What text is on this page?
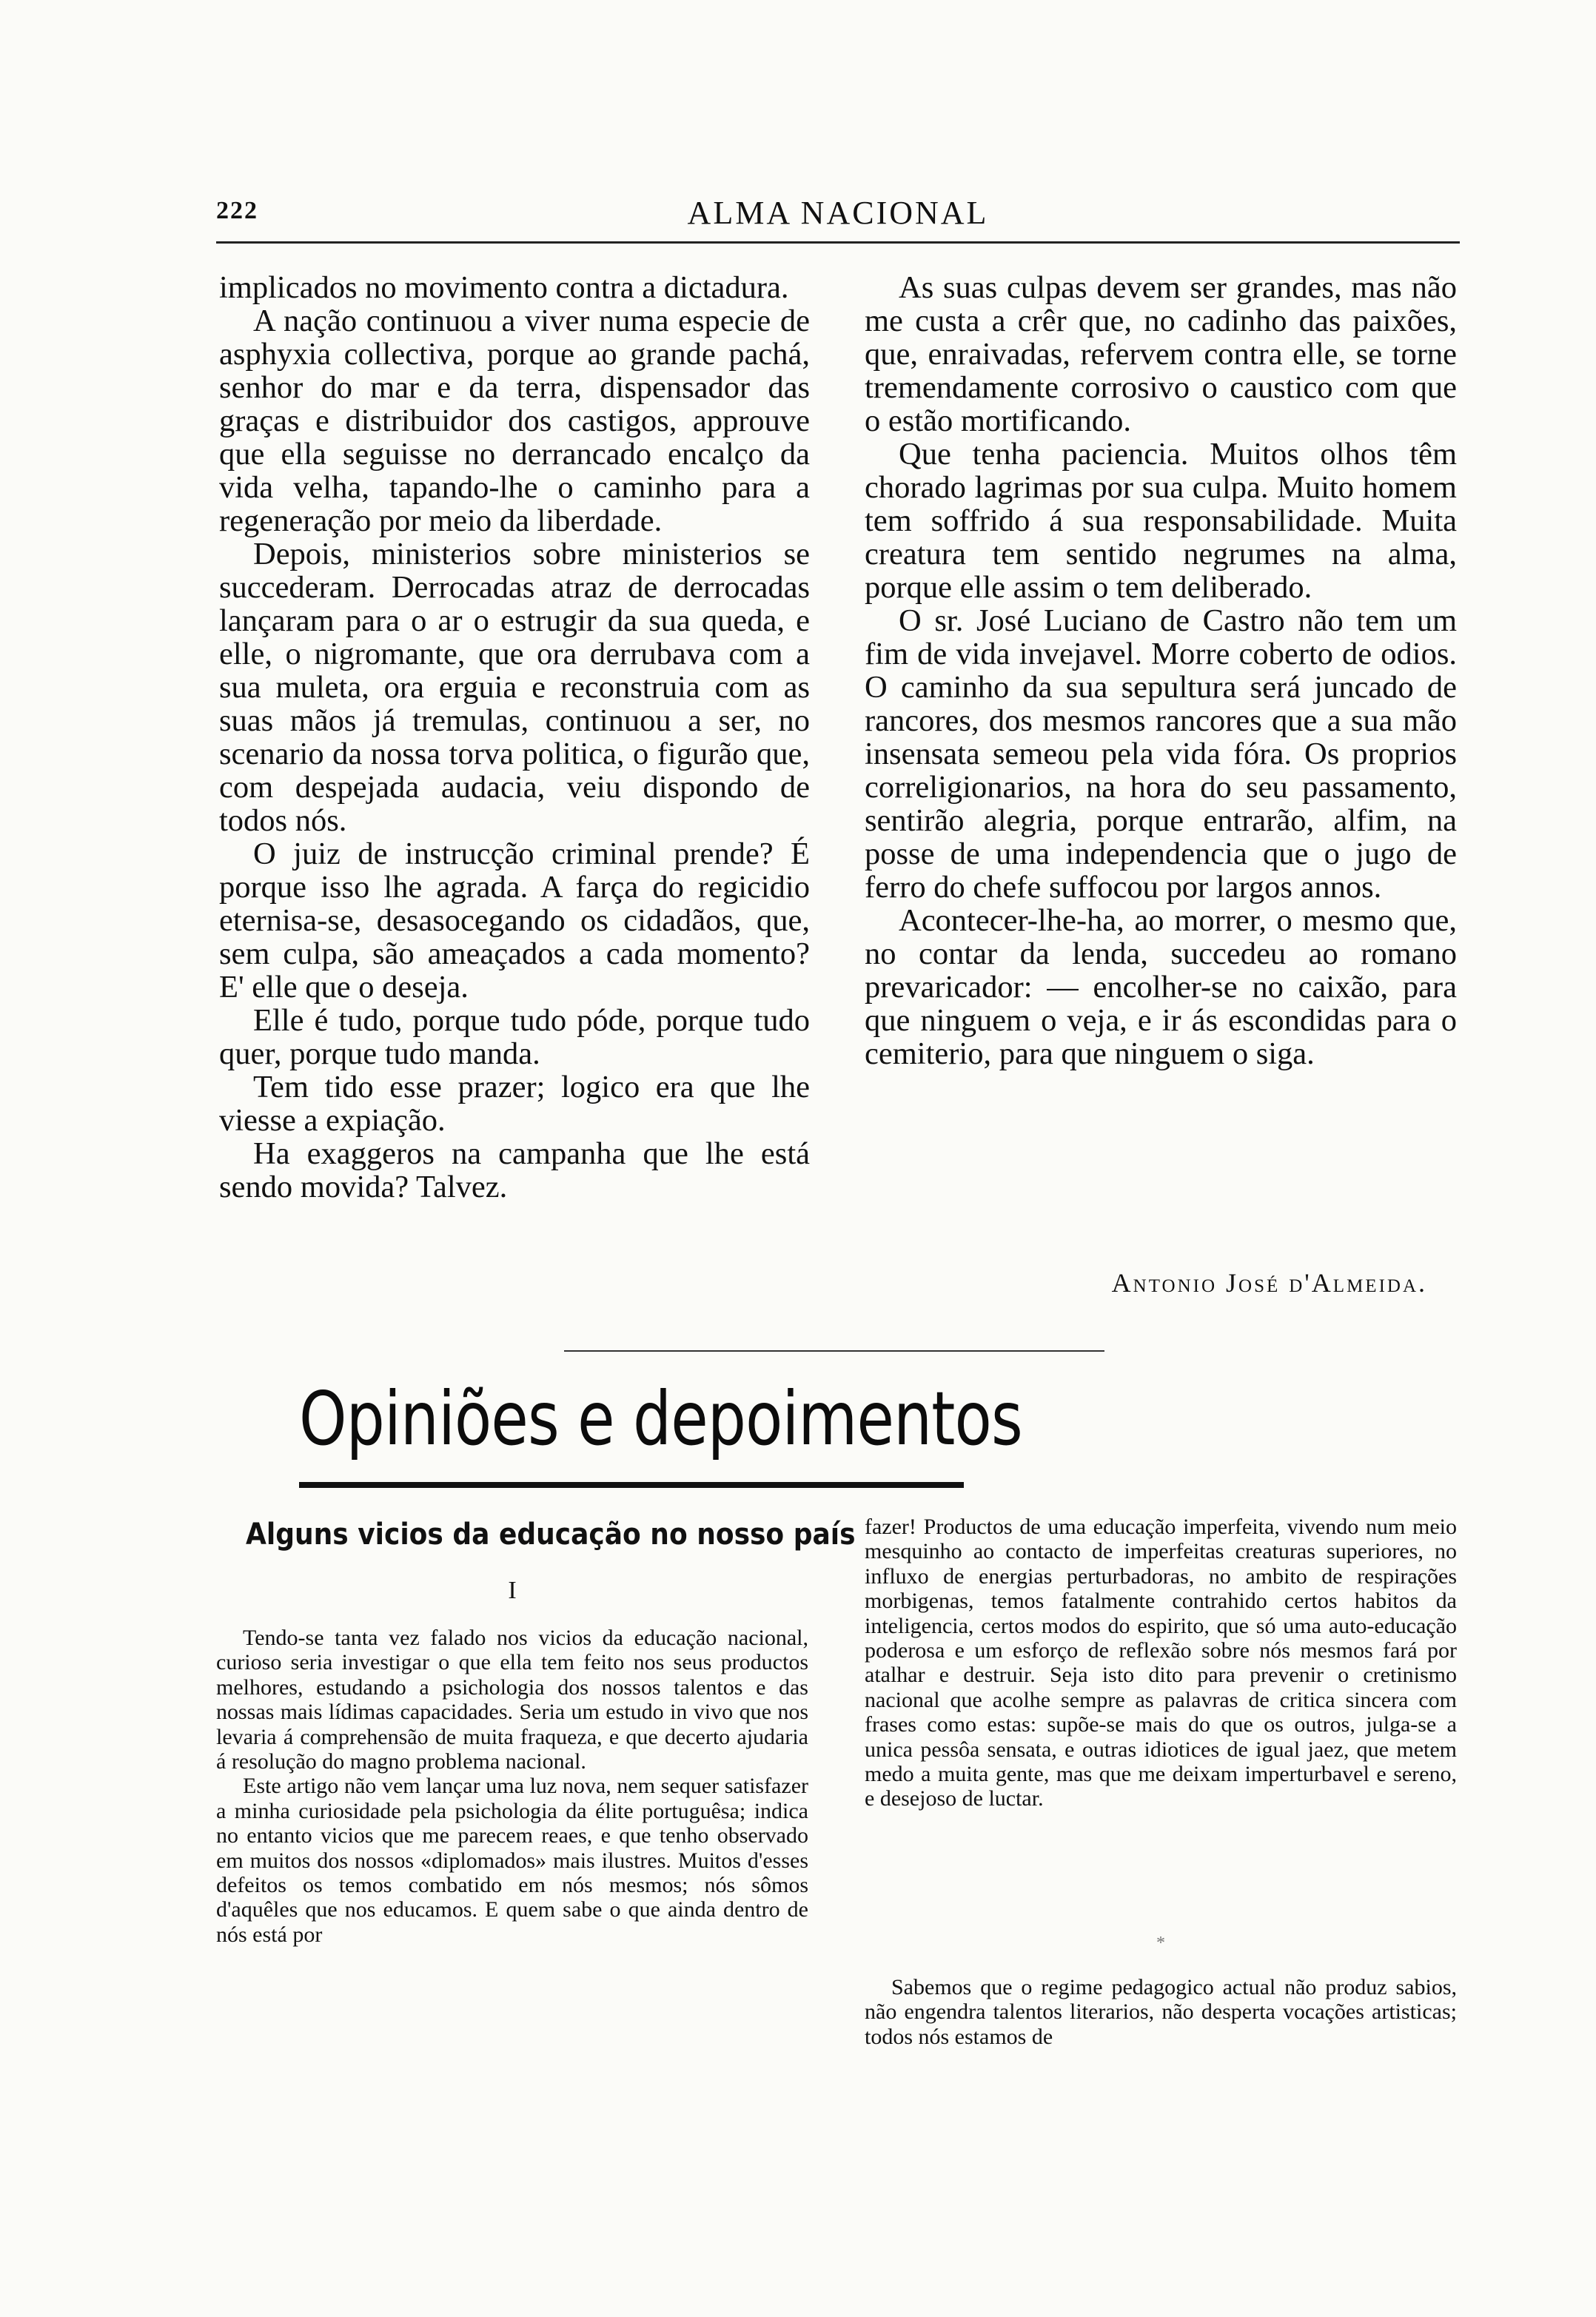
222	ALMA NACIONAL

implicados no movimento contra a dictadura.

A nação continuou a viver numa especie de asphyxia collectiva, porque ao grande pachá, senhor do mar e da terra, dispensador das graças e distribuidor dos castigos, approuve que ella seguisse no derrancado encalço da vida velha, tapando-lhe o caminho para a regeneração por meio da liberdade.

Depois, ministerios sobre ministerios se succederam. Derrocadas atraz de derrocadas lançaram para o ar o estrugir da sua queda, e elle, o nigromante, que ora derrubava com a sua muleta, ora erguia e reconstruia com as suas mãos já tremulas, continuou a ser, no scenario da nossa torva politica, o figurão que, com despejada audacia, veiu dispondo de todos nós.

O juiz de instrucção criminal prende? É porque isso lhe agrada. A farça do regicidio eternisa-se, desasocegando os cidadãos, que, sem culpa, são ameaçados a cada momento? E' elle que o deseja.

Elle é tudo, porque tudo póde, porque tudo quer, porque tudo manda.

Tem tido esse prazer; logico era que lhe viesse a expiação.

Ha exaggeros na campanha que lhe está sendo movida? Talvez.

As suas culpas devem ser grandes, mas não me custa a crêr que, no cadinho das paixões, que, enraivadas, refervem contra elle, se torne tremendamente corrosivo o caustico com que o estão mortificando.

Que tenha paciencia. Muitos olhos têm chorado lagrimas por sua culpa. Muito homem tem soffrido á sua responsabilidade. Muita creatura tem sentido negrumes na alma, porque elle assim o tem deliberado.

O sr. José Luciano de Castro não tem um fim de vida invejavel. Morre coberto de odios. O caminho da sua sepultura será juncado de rancores, dos mesmos rancores que a sua mão insensata semeou pela vida fóra. Os proprios correligionarios, na hora do seu passamento, sentirão alegria, porque entrarão, alfim, na posse de uma independencia que o jugo de ferro do chefe suffocou por largos annos.

Acontecer-lhe-ha, ao morrer, o mesmo que, no contar da lenda, succedeu ao romano prevaricador: — encolher-se no caixão, para que ninguem o veja, e ir ás escondidas para o cemiterio, para que ninguem o siga.

Antonio José d'Almeida.
Opiniões e depoimentos
Alguns vicios da educação no nosso país
I

Tendo-se tanta vez falado nos vicios da educação nacional, curioso seria investigar o que ella tem feito nos seus productos melhores, estudando a psichologia dos nossos talentos e das nossas mais lídimas capacidades. Seria um estudo in vivo que nos levaria á comprehensão de muita fraqueza, e que decerto ajudaria á resolução do magno problema nacional.

Este artigo não vem lançar uma luz nova, nem sequer satisfazer a minha curiosidade pela psichologia da élite portuguêsa; indica no entanto vicios que me parecem reaes, e que tenho observado em muitos dos nossos «diplomados» mais ilustres. Muitos d'esses defeitos os temos combatido em nós mesmos; nós sômos d'aquêles que nos educamos. E quem sabe o que ainda dentro de nós está por

fazer! Productos de uma educação imperfeita, vivendo num meio mesquinho ao contacto de imperfeitas creaturas superiores, no influxo de energias perturbadoras, no ambito de respirações morbigenas, temos fatalmente contrahido certos habitos da inteligencia, certos modos do espirito, que só uma auto-educação poderosa e um esforço de reflexão sobre nós mesmos fará por atalhar e destruir. Seja isto dito para prevenir o cretinismo nacional que acolhe sempre as palavras de critica sincera com frases como estas: supõe-se mais do que os outros, julga-se a unica pessôa sensata, e outras idiotices de igual jaez, que metem medo a muita gente, mas que me deixam imperturbavel e sereno, e desejoso de luctar.

*

Sabemos que o regime pedagogico actual não produz sabios, não engendra talentos literarios, não desperta vocações artisticas; todos nós estamos de
